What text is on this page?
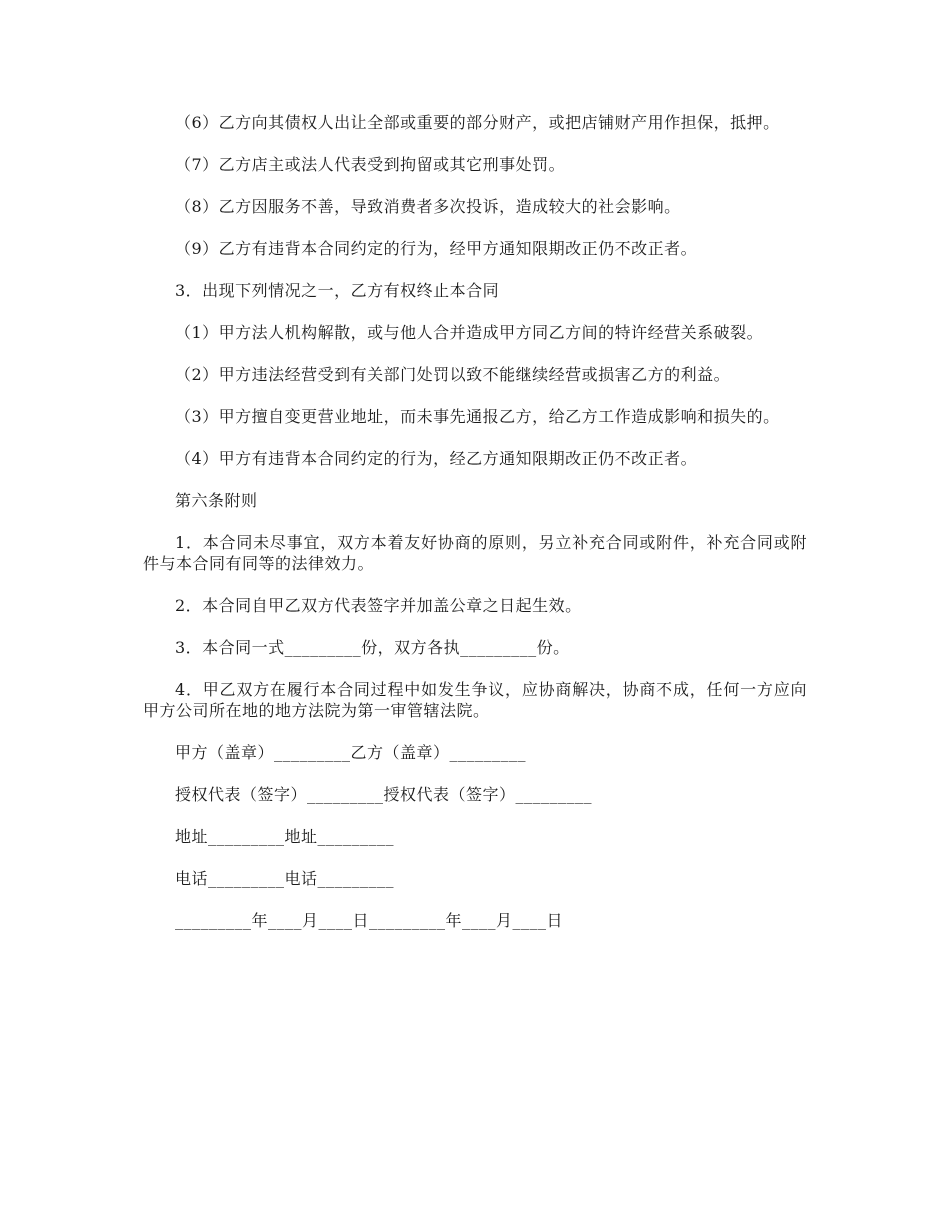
（6）乙方向其债权人出让全部或重要的部分财产，或把店铺财产用作担保，抵押。

（7）乙方店主或法人代表受到拘留或其它刑事处罚。

（8）乙方因服务不善，导致消费者多次投诉，造成较大的社会影响。

（9）乙方有违背本合同约定的行为，经甲方通知限期改正仍不改正者。

3．出现下列情况之一，乙方有权终止本合同

（1）甲方法人机构解散，或与他人合并造成甲方同乙方间的特许经营关系破裂。

（2）甲方违法经营受到有关部门处罚以致不能继续经营或损害乙方的利益。

（3）甲方擅自变更营业地址，而未事先通报乙方，给乙方工作造成影响和损失的。

（4）甲方有违背本合同约定的行为，经乙方通知限期改正仍不改正者。

第六条附则

1．本合同未尽事宜，双方本着友好协商的原则，另立补充合同或附件，补充合同或附件与本合同有同等的法律效力。

2．本合同自甲乙双方代表签字并加盖公章之日起生效。

3．本合同一式_________份，双方各执_________份。

4．甲乙双方在履行本合同过程中如发生争议，应协商解决，协商不成，任何一方应向甲方公司所在地的地方法院为第一审管辖法院。

甲方（盖章）_________乙方（盖章）_________

授权代表（签字）_________授权代表（签字）_________

地址_________地址_________

电话_________电话_________

_________年____月____日_________年____月____日
